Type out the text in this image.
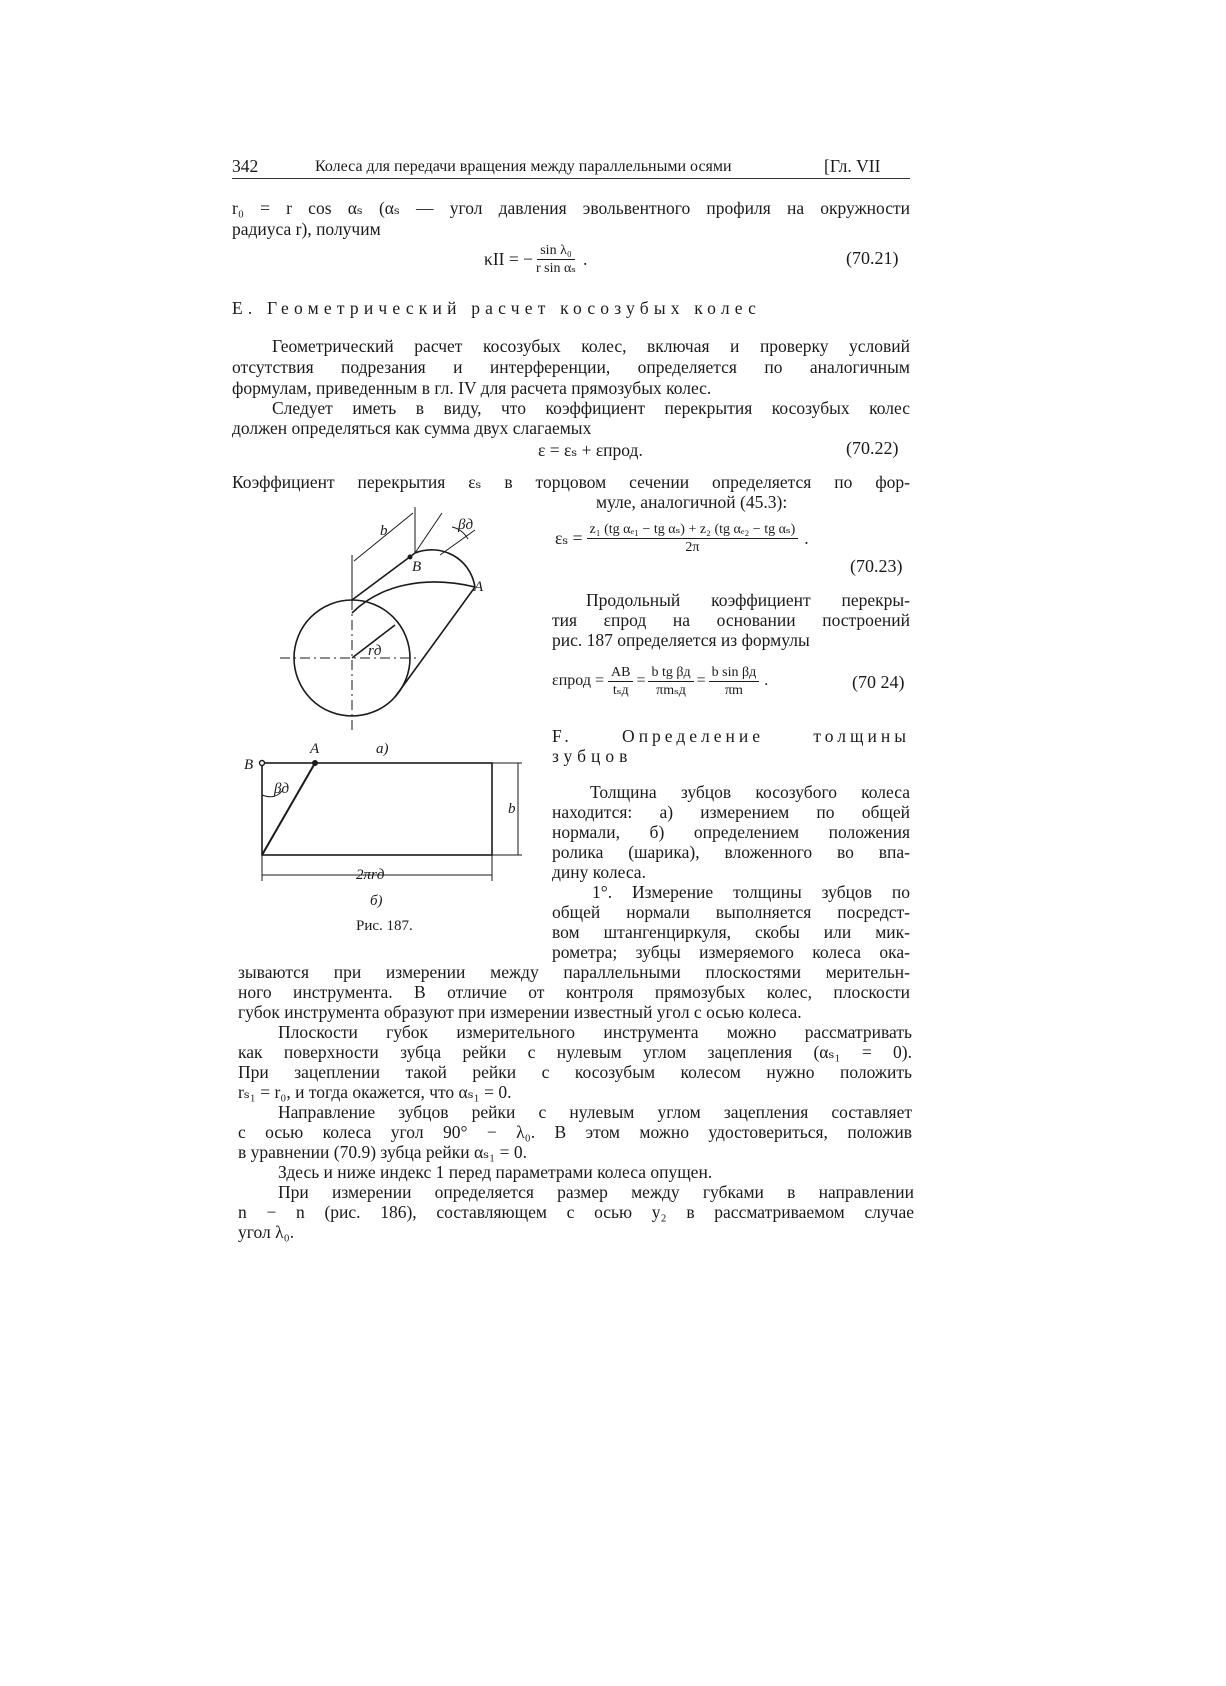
342	Колеса для передачи вращения между параллельными осями	[Гл. VII
r₀ = r cos αₛ (αₛ — угол давления эвольвентного профиля на окружности
радиуса r), получим
κII = − $\frac{\text{sin λ₀}}{\text{r sin αₛ}}$ .	(70.21)
Е. Геометрический расчет косозубых колес
Геометрический расчет косозубых колес, включая и проверку условий
отсутствия подрезания и интерференции, определяется по аналогичным
формулам, приведенным в гл. IV для расчета прямозубых колес.
Следует иметь в виду, что коэффициент перекрытия косозубых колес
должен определяться как сумма двух слагаемых
ε = εₛ + εпрод.	(70.22)
Коэффициент перекрытия εₛ в торцовом сечении определяется по фор-
муле, аналогичной (45.3):
$\varepsilon_s = \frac{\text{z₁ (tg αₑ₁ − tg αₛ) + z₂ (tg αₑ₂ − tg αₛ)}}{2\pi}$ .
(70.23)
Продольный коэффициент перекры-
тия εпрод на основании построений
рис. 187 определяется из формулы
εпрод = $\frac{AB}{\text{tₛд}} = \frac{\text{b tg βд}}{\text{πmₛд}} = \frac{\text{b sin βд}}{\pi m}$ .	(70 24)
F. Определение толщины
зубцов
Толщина зубцов косозубого колеса
находится: а) измерением по общей
нормали, б) определением положения
ролика (шарика), вложенного во впа-
дину колеса.
1°. Измерение толщины зубцов по
общей нормали выполняется посредст-
вом штангенциркуля, скобы или мик-
рометра; зубцы измеряемого колеса ока-
зываются при измерении между параллельными плоскостями мерительн-
ного инструмента. В отличие от контроля прямозубых колес, плоскости
губок инструмента образуют при измерении известный угол с осью колеса.
Плоскости губок измерительного инструмента можно рассматривать
как поверхности зубца рейки с нулевым углом зацепления (αₛ₁ = 0).
При зацеплении такой рейки с косозубым колесом нужно положить
rₛ₁ = r₀, и тогда окажется, что αₛ₁ = 0.
Направление зубцов рейки с нулевым углом зацепления составляет
с осью колеса угол 90° − λ₀. В этом можно удостовериться, положив
в уравнении (70.9) зубца рейки αₛ₁ = 0.
Здесь и ниже индекс 1 перед параметрами колеса опущен.
При измерении определяется размер между губками в направлении
n − n (рис. 186), составляющем с осью y₂ в рассматриваемом случае
угол λ₀.
b	βд
B
A
rд
a)
B
A
βд
b
2πrд
б)
Рис. 187.
